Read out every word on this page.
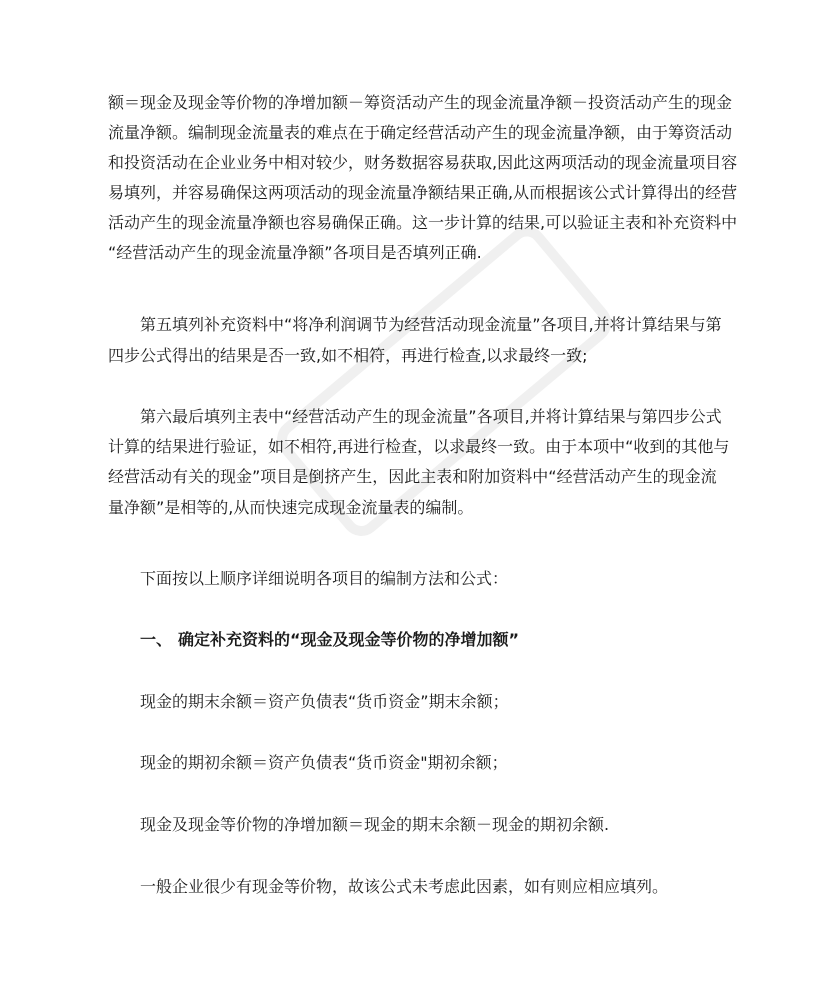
额＝现金及现金等价物的净增加额－筹资活动产生的现金流量净额－投资活动产生的现金

流量净额。编制现金流量表的难点在于确定经营活动产生的现金流量净额，由于筹资活动

和投资活动在企业业务中相对较少，财务数据容易获取,因此这两项活动的现金流量项目容

易填列，并容易确保这两项活动的现金流量净额结果正确,从而根据该公式计算得出的经营

活动产生的现金流量净额也容易确保正确。这一步计算的结果,可以验证主表和补充资料中

“经营活动产生的现金流量净额”各项目是否填列正确.

第五填列补充资料中“将净利润调节为经营活动现金流量”各项目,并将计算结果与第

四步公式得出的结果是否一致,如不相符，再进行检查,以求最终一致;

第六最后填列主表中“经营活动产生的现金流量”各项目,并将计算结果与第四步公式

计算的结果进行验证，如不相符,再进行检查，以求最终一致。由于本项中“收到的其他与

经营活动有关的现金”项目是倒挤产生，因此主表和附加资料中“经营活动产生的现金流

量净额”是相等的,从而快速完成现金流量表的编制。

下面按以上顺序详细说明各项目的编制方法和公式：

一、 确定补充资料的“现金及现金等价物的净增加额”

现金的期末余额＝资产负债表“货币资金”期末余额；

现金的期初余额＝资产负债表“货币资金"期初余额；

现金及现金等价物的净增加额＝现金的期末余额－现金的期初余额.

一般企业很少有现金等价物，故该公式未考虑此因素，如有则应相应填列。
